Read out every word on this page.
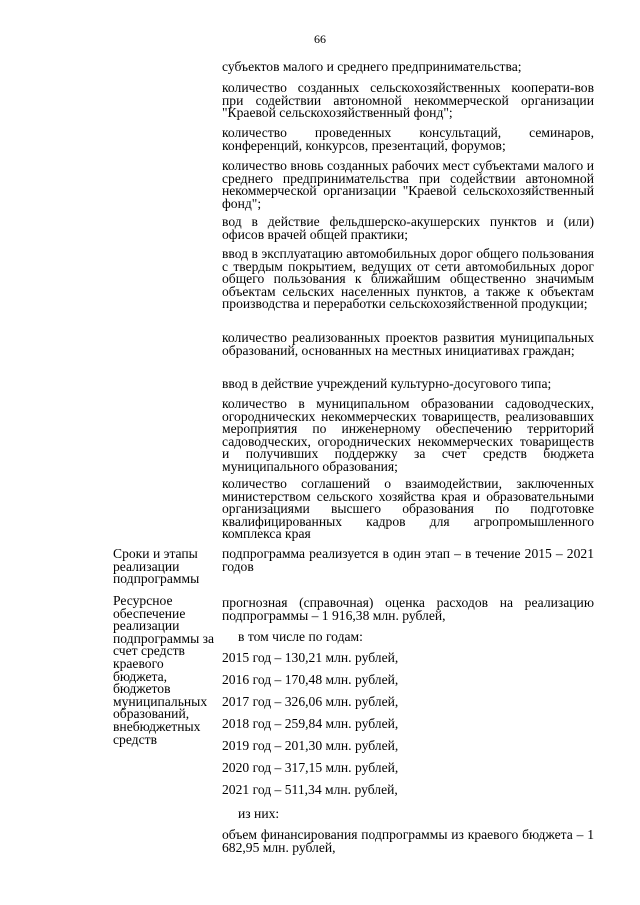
66
субъектов малого и среднего предпринимательства;
количество созданных сельскохозяйственных кооперати-вов при содействии автономной некоммерческой организации "Краевой сельскохозяйственный фонд";
количество проведенных консультаций, семинаров, конференций, конкурсов, презентаций, форумов;
количество вновь созданных рабочих мест субъектами малого и среднего предпринимательства при содействии автономной некоммерческой организации "Краевой сельскохозяйственный фонд";
вод в действие фельдшерско-акушерских пунктов и (или) офисов врачей общей практики;
ввод в эксплуатацию автомобильных дорог общего пользования с твердым покрытием, ведущих от сети автомобильных дорог общего пользования к ближайшим общественно значимым объектам сельских населенных пунктов, а также к объектам производства и переработки сельскохозяйственной продукции;
количество реализованных проектов развития муниципальных образований, основанных на местных инициативах граждан;
ввод в действие учреждений культурно-досугового типа;
количество в муниципальном образовании садоводческих, огороднических некоммерческих товариществ, реализовавших мероприятия по инженерному обеспечению территорий садоводческих, огороднических некоммерческих товариществ и получивших поддержку за счет средств бюджета муниципального образования;
количество соглашений о взаимодействии, заключенных министерством сельского хозяйства края и образовательными организациями высшего образования по подготовке квалифицированных кадров для агропромышленного комплекса края
Сроки и этапы реализации подпрограммы
подпрограмма реализуется в один этап – в течение 2015 – 2021 годов
Ресурсное обеспечение реализации подпрограммы за счет средств краевого бюджета, бюджетов муниципальных образований, внебюджетных средств
прогнозная (справочная) оценка расходов на реализацию подпрограммы – 1 916,38 млн. рублей,
в том числе по годам:
2015 год – 130,21 млн. рублей,
2016 год – 170,48 млн. рублей,
2017 год – 326,06 млн. рублей,
2018 год – 259,84 млн. рублей,
2019 год – 201,30 млн. рублей,
2020 год – 317,15 млн. рублей,
2021 год – 511,34 млн. рублей,
из них:
объем финансирования подпрограммы из краевого бюджета – 1 682,95 млн. рублей,
